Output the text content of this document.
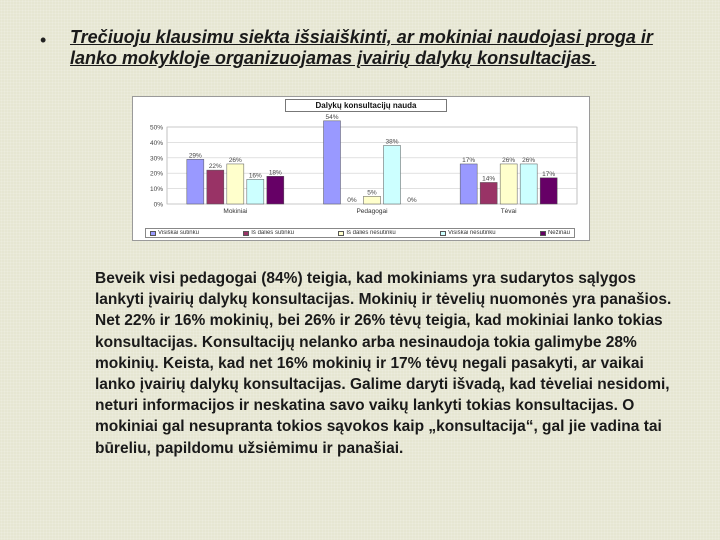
• Trečiuoju klausimu siekta išsiaiškinti, ar mokiniai naudojasi proga ir lanko mokykloje organizuojamas įvairių dalykų konsultacijas.
0%
10%
20%
30%
40%
50%
29%
22%
26%
16% 18%
Mokiniai
54%
0%
5%
38%
0%
Pedagogai
17%
14%
26% 26%
17%
Tėvai
Dalykų konsultacijų nauda
Visiškai sutinku	Iš dalies sutinku	Iš dalies nesutinku	Visiškai nesutinku	Nežinau
Beveik visi pedagogai (84%) teigia, kad mokiniams yra sudarytos sąlygos lankyti įvairių dalykų konsultacijas. Mokinių ir tėvelių nuomonės yra panašios. Net 22% ir 16% mokinių, bei 26% ir 26% tėvų teigia, kad mokiniai lanko tokias konsultacijas. Konsultacijų nelanko arba nesinaudoja tokia galimybe 28% mokinių. Keista, kad net 16% mokinių ir 17% tėvų negali pasakyti, ar vaikai lanko įvairių dalykų konsultacijas. Galime daryti išvadą, kad tėveliai nesidomi, neturi informacijos ir neskatina savo vaikų lankyti tokias konsultacijas. O mokiniai gal nesupranta tokios sąvokos kaip „konsultacija“, gal jie vadina tai būreliu, papildomu užsiėmimu ir panašiai.
